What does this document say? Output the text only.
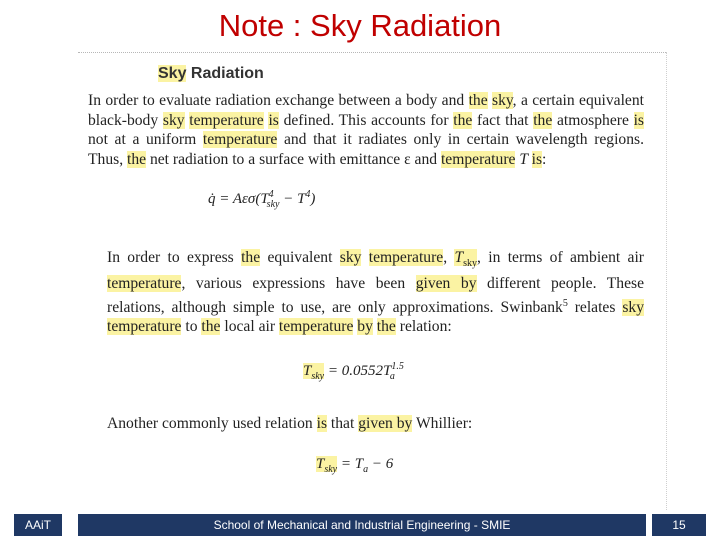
Note : Sky Radiation
Sky Radiation

In order to evaluate radiation exchange between a body and the sky, a certain equivalent black-body sky temperature is defined. This accounts for the fact that the atmosphere is not at a uniform temperature and that it radiates only in certain wavelength regions. Thus, the net radiation to a surface with emittance ε and temperature T is:

q̇ = $A\varepsilon\sigma(T^4_{sky} - T^4)$

In order to express the equivalent sky temperature, $T_{sky}$, in terms of ambient air temperature, various expressions have been given by different people. These relations, although simple to use, are only approximations. Swinbank$^5$ relates sky temperature to the local air temperature by the relation:

$T_{sky} = 0.0552T^{1.5}_a$

Another commonly used relation is that given by Whillier:

$T_{sky} = T_a - 6$
AAiT	School of Mechanical and Industrial Engineering - SMIE	15
